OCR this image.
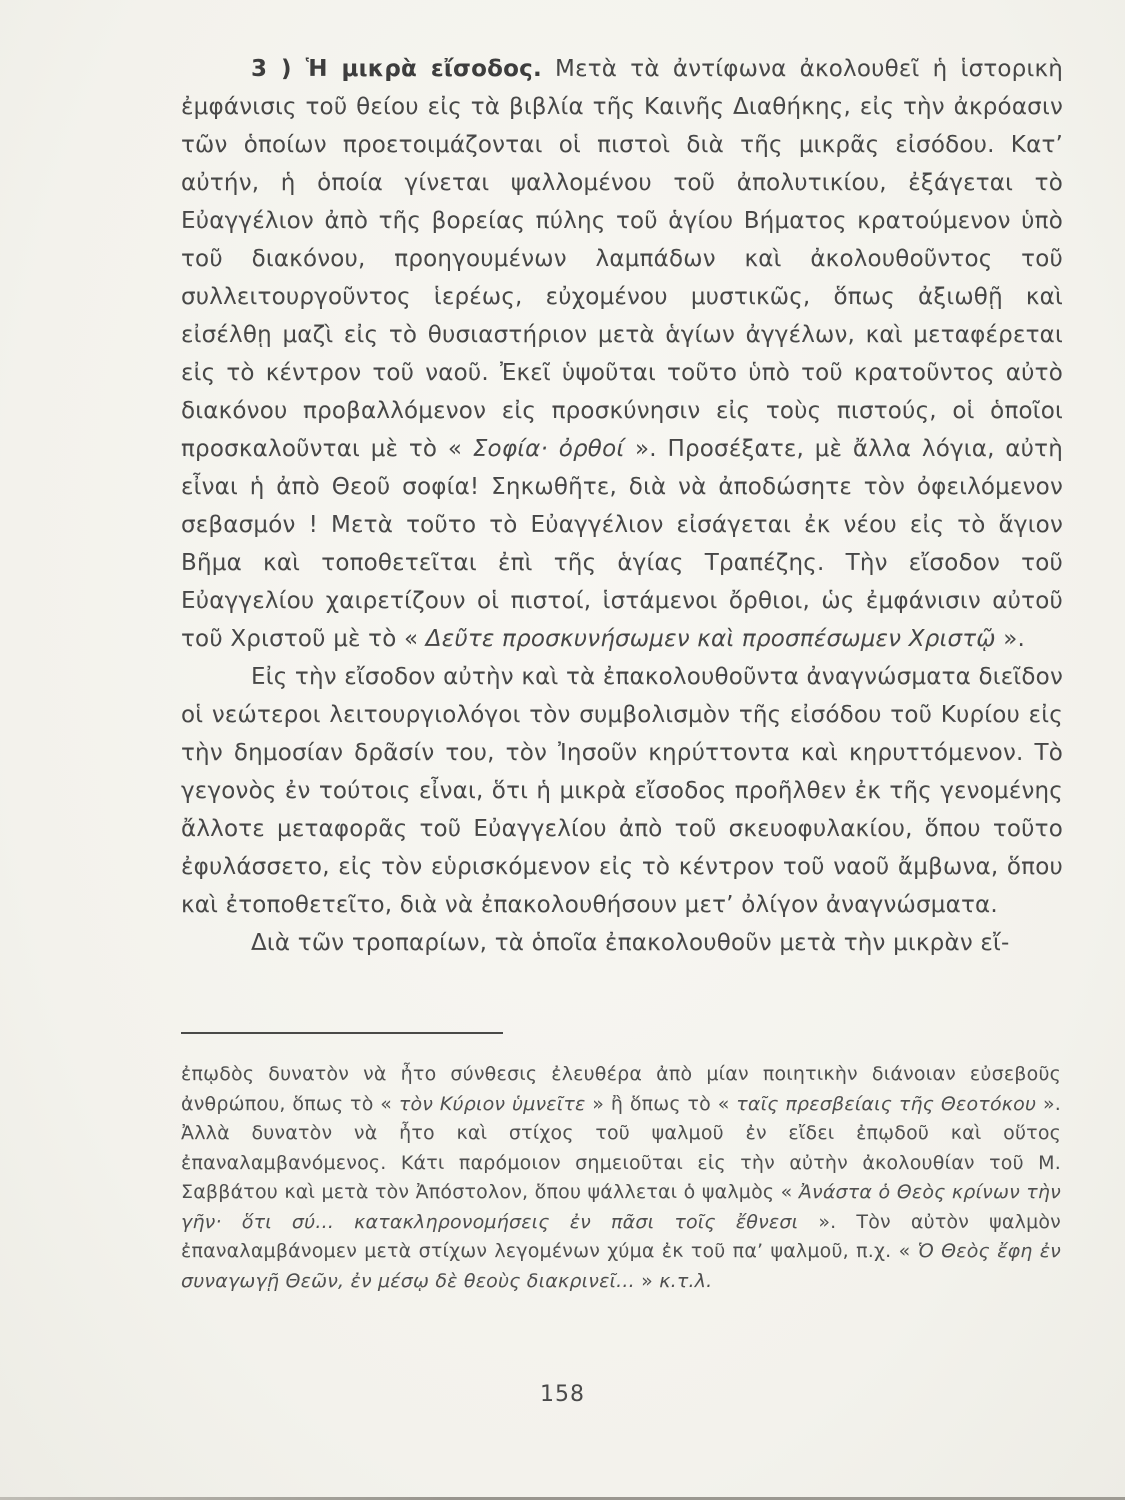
3 ) Ἡ μικρὰ εἴσοδος. Μετὰ τὰ ἀντίφωνα ἀκολουθεῖ ἡ ἱστορικὴ ἐμφάνισις τοῦ θείου εἰς τὰ βιβλία τῆς Καινῆς Διαθήκης, εἰς τὴν ἀκρόασιν τῶν ὁποίων προετοιμάζονται οἱ πιστοὶ διὰ τῆς μικρᾶς εἰσόδου. Κατ’ αὐτήν, ἡ ὁποία γίνεται ψαλλομένου τοῦ ἀπολυτικίου, ἐξάγεται τὸ Εὐαγγέλιον ἀπὸ τῆς βορείας πύλης τοῦ ἁγίου Βήματος κρατούμενον ὑπὸ τοῦ διακόνου, προηγουμένων λαμπάδων καὶ ἀκολουθοῦντος τοῦ συλλειτουργοῦντος ἱερέως, εὐχομένου μυστικῶς, ὅπως ἀξιωθῇ καὶ εἰσέλθῃ μαζὶ εἰς τὸ θυσιαστήριον μετὰ ἁγίων ἀγγέλων, καὶ μεταφέρεται εἰς τὸ κέντρον τοῦ ναοῦ. Ἐκεῖ ὑψοῦται τοῦτο ὑπὸ τοῦ κρατοῦντος αὐτὸ διακόνου προβαλλόμενον εἰς προσκύνησιν εἰς τοὺς πιστούς, οἱ ὁποῖοι προσκαλοῦνται μὲ τὸ « Σοφία· ὀρθοί ». Προσέξατε, μὲ ἄλλα λόγια, αὐτὴ εἶναι ἡ ἀπὸ Θεοῦ σοφία! Σηκωθῆτε, διὰ νὰ ἀποδώσητε τὸν ὀφειλόμενον σεβασμόν ! Μετὰ τοῦτο τὸ Εὐαγγέλιον εἰσάγεται ἐκ νέου εἰς τὸ ἅγιον Βῆμα καὶ τοποθετεῖται ἐπὶ τῆς ἁγίας Τραπέζης. Τὴν εἴσοδον τοῦ Εὐαγγελίου χαιρετίζουν οἱ πιστοί, ἱστάμενοι ὄρθιοι, ὡς ἐμφάνισιν αὐτοῦ τοῦ Χριστοῦ μὲ τὸ « Δεῦτε προσκυνήσωμεν καὶ προσπέσωμεν Χριστῷ ».

Εἰς τὴν εἴσοδον αὐτὴν καὶ τὰ ἐπακολουθοῦντα ἀναγνώσματα διεῖδον οἱ νεώτεροι λειτουργιολόγοι τὸν συμβολισμὸν τῆς εἰσόδου τοῦ Κυρίου εἰς τὴν δημοσίαν δρᾶσίν του, τὸν Ἰησοῦν κηρύττοντα καὶ κηρυττόμενον. Τὸ γεγονὸς ἐν τούτοις εἶναι, ὅτι ἡ μικρὰ εἴσοδος προῆλθεν ἐκ τῆς γενομένης ἄλλοτε μεταφορᾶς τοῦ Εὐαγγελίου ἀπὸ τοῦ σκευοφυλακίου, ὅπου τοῦτο ἐφυλάσσετο, εἰς τὸν εὑρισκόμενον εἰς τὸ κέντρον τοῦ ναοῦ ἄμβωνα, ὅπου καὶ ἐτοποθετεῖτο, διὰ νὰ ἐπακολουθήσουν μετ’ ὀλίγον ἀναγνώσματα.

Διὰ τῶν τροπαρίων, τὰ ὁποῖα ἐπακολουθοῦν μετὰ τὴν μικρὰν εἴ-

ἐπῳδὸς δυνατὸν νὰ ἦτο σύνθεσις ἐλευθέρα ἀπὸ μίαν ποιητικὴν διάνοιαν εὐσεβοῦς ἀνθρώπου, ὅπως τὸ « τὸν Κύριον ὑμνεῖτε » ἢ ὅπως τὸ « ταῖς πρεσβείαις τῆς Θεοτόκου ». Ἀλλὰ δυνατὸν νὰ ἦτο καὶ στίχος τοῦ ψαλμοῦ ἐν εἴδει ἐπῳδοῦ καὶ οὕτος ἐπαναλαμβανόμενος. Κάτι παρόμοιον σημειοῦται εἰς τὴν αὐτὴν ἀκολουθίαν τοῦ Μ. Σαββάτου καὶ μετὰ τὸν Ἀπόστολον, ὅπου ψάλλεται ὁ ψαλμὸς « Ἀνάστα ὁ Θεὸς κρίνων τὴν γῆν· ὅτι σύ... κατακληρονομήσεις ἐν πᾶσι τοῖς ἔθνεσι ». Τὸν αὐτὸν ψαλμὸν ἐπαναλαμβάνομεν μετὰ στίχων λεγομένων χύμα ἐκ τοῦ πα’ ψαλμοῦ, π.χ. « Ὁ Θεὸς ἔφη ἐν συναγωγῇ Θεῶν, ἐν μέσῳ δὲ θεοὺς διακρινεῖ... » κ.τ.λ.

158
